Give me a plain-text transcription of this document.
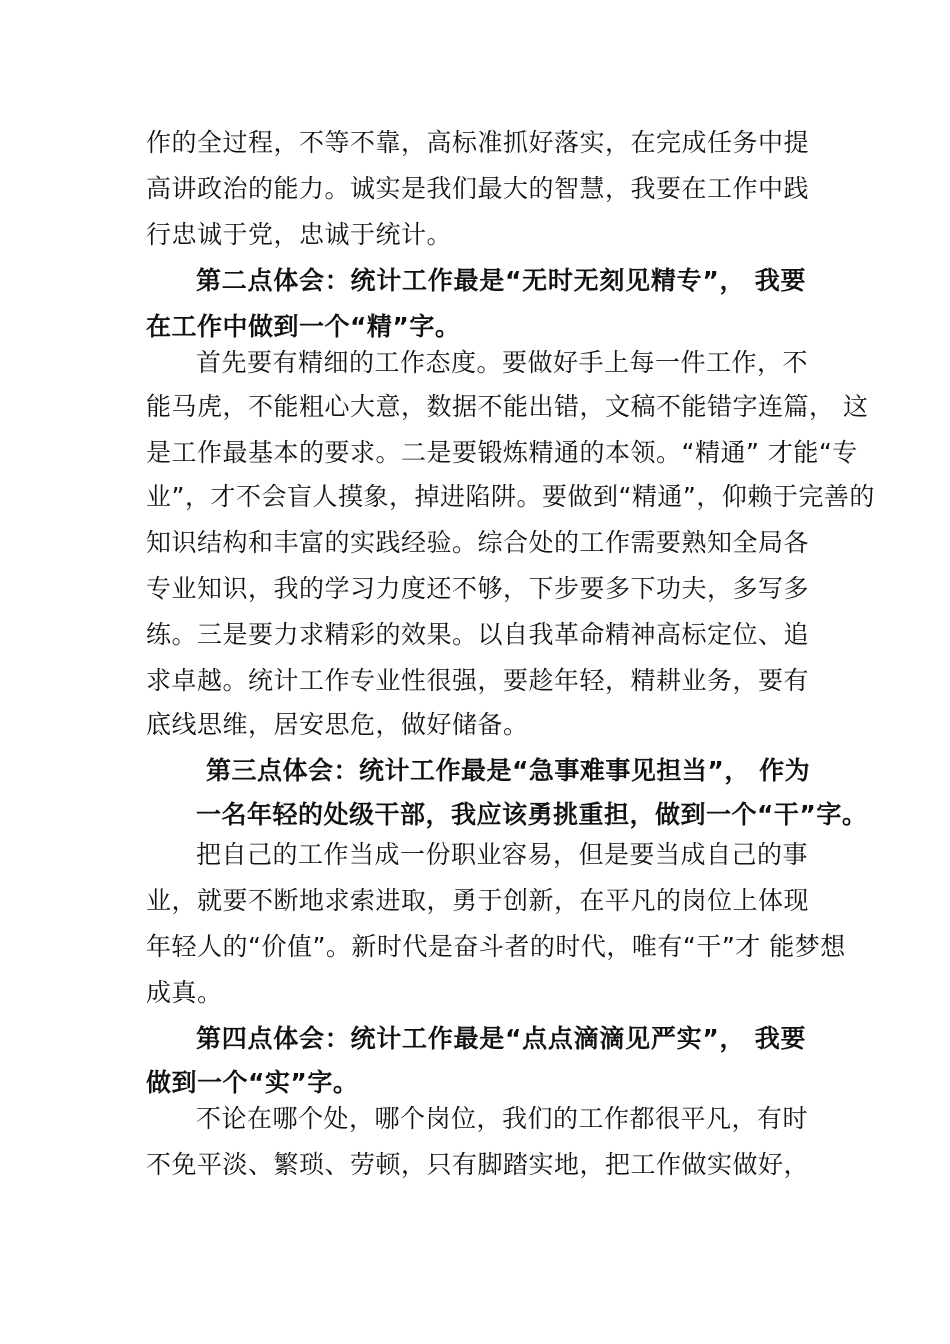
作的全过程，不等不靠，高标准抓好落实，在完成任务中提
高讲政治的能力。诚实是我们最大的智慧，我要在工作中践
行忠诚于党，忠诚于统计。
第二点体会：统计工作最是“无时无刻见精专”， 我要
在工作中做到一个“精”字。
首先要有精细的工作态度。要做好手上每一件工作，不
能马虎，不能粗心大意，数据不能出错，文稿不能错字连篇， 这
是工作最基本的要求。二是要锻炼精通的本领。“精通” 才能“专
业”，才不会盲人摸象，掉进陷阱。要做到“精通”，仰赖于完善的
知识结构和丰富的实践经验。综合处的工作需要熟知全局各
专业知识，我的学习力度还不够，下步要多下功夫，多写多
练。三是要力求精彩的效果。以自我革命精神高标定位、追
求卓越。统计工作专业性很强，要趁年轻，精耕业务，要有
底线思维，居安思危，做好储备。
第三点体会：统计工作最是“急事难事见担当”， 作为
一名年轻的处级干部，我应该勇挑重担，做到一个“干”字。
把自己的工作当成一份职业容易，但是要当成自己的事
业，就要不断地求索进取，勇于创新，在平凡的岗位上体现
年轻人的“价值”。新时代是奋斗者的时代，唯有“干”才 能梦想
成真。
第四点体会：统计工作最是“点点滴滴见严实”， 我要
做到一个“实”字。
不论在哪个处，哪个岗位，我们的工作都很平凡，有时
不免平淡、繁琐、劳顿，只有脚踏实地，把工作做实做好，
